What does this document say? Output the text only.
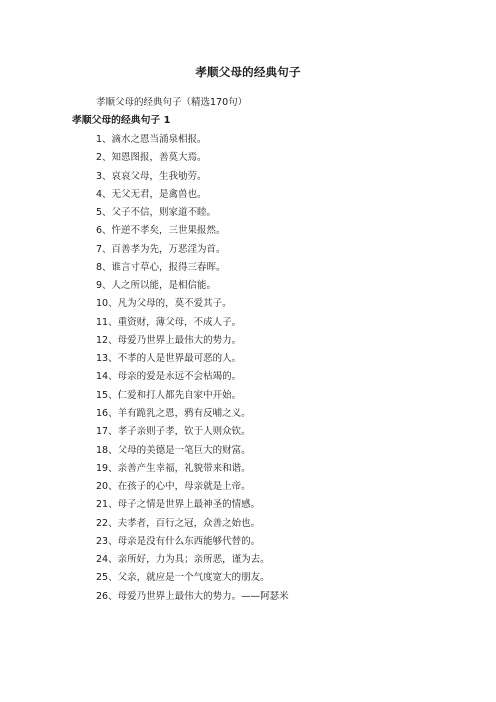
孝顺父母的经典句子
孝顺父母的经典句子（精选170句）
孝顺父母的经典句子 1
1、滴水之恩当涌泉相报。
2、知恩图报，善莫大焉。
3、哀哀父母，生我劬劳。
4、无父无君，是禽兽也。
5、父子不信，则家道不睦。
6、忤逆不孝矣，三世果报然。
7、百善孝为先，万恶淫为首。
8、谁言寸草心，报得三春晖。
9、人之所以能，是相信能。
10、凡为父母的，莫不爱其子。
11、重资财，薄父母，不成人子。
12、母爱乃世界上最伟大的势力。
13、不孝的人是世界最可恶的人。
14、母亲的爱是永远不会枯竭的。
15、仁爱和打人都先自家中开始。
16、羊有跪乳之恩，鸦有反哺之义。
17、孝子亲则子孝，钦于人则众钦。
18、父母的美德是一笔巨大的财富。
19、亲善产生幸福，礼貌带来和谐。
20、在孩子的心中，母亲就是上帝。
21、母子之情是世界上最神圣的情感。
22、夫孝者，百行之冠，众善之始也。
23、母亲是没有什么东西能够代替的。
24、亲所好，力为具；亲所恶，谨为去。
25、父亲，就应是一个气度宽大的朋友。
26、母爱乃世界上最伟大的势力。——阿瑟米
